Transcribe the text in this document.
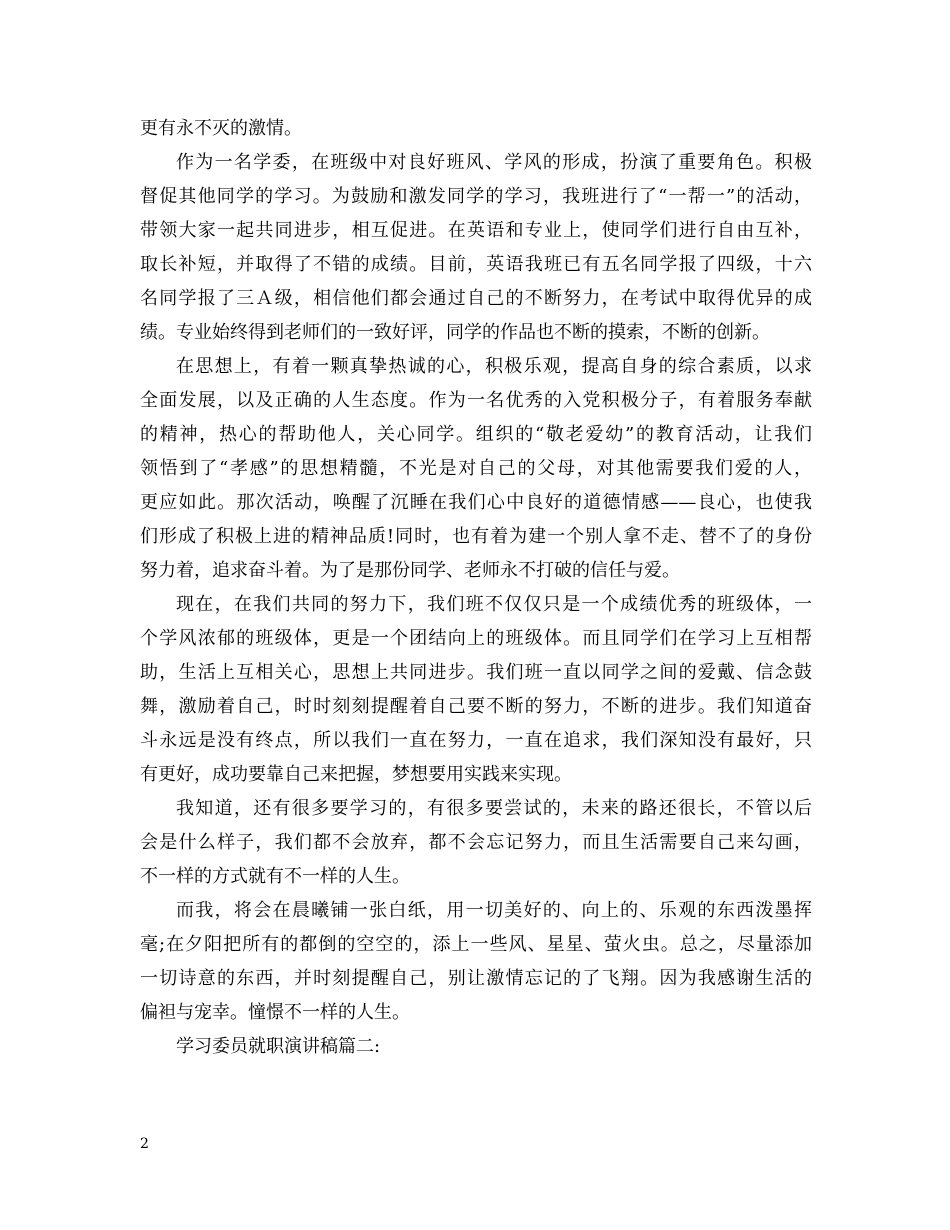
更有永不灭的激情。
作为一名学委，在班级中对良好班风、学风的形成，扮演了重要角色。积极
督促其他同学的学习。为鼓励和激发同学的学习，我班进行了“一帮一”的活动，
带领大家一起共同进步，相互促进。在英语和专业上，使同学们进行自由互补，
取长补短，并取得了不错的成绩。目前，英语我班已有五名同学报了四级，十六
名同学报了三Ａ级，相信他们都会通过自己的不断努力，在考试中取得优异的成
绩。专业始终得到老师们的一致好评，同学的作品也不断的摸索，不断的创新。
在思想上，有着一颗真挚热诚的心，积极乐观，提高自身的综合素质，以求
全面发展，以及正确的人生态度。作为一名优秀的入党积极分子，有着服务奉献
的精神，热心的帮助他人，关心同学。组织的“敬老爱幼”的教育活动，让我们
领悟到了“孝感”的思想精髓，不光是对自己的父母，对其他需要我们爱的人，
更应如此。那次活动，唤醒了沉睡在我们心中良好的道德情感——良心，也使我
们形成了积极上进的精神品质!同时，也有着为建一个别人拿不走、替不了的身份
努力着，追求奋斗着。为了是那份同学、老师永不打破的信任与爱。
现在，在我们共同的努力下，我们班不仅仅只是一个成绩优秀的班级体，一
个学风浓郁的班级体，更是一个团结向上的班级体。而且同学们在学习上互相帮
助，生活上互相关心，思想上共同进步。我们班一直以同学之间的爱戴、信念鼓
舞，激励着自己，时时刻刻提醒着自己要不断的努力，不断的进步。我们知道奋
斗永远是没有终点，所以我们一直在努力，一直在追求，我们深知没有最好，只
有更好，成功要靠自己来把握，梦想要用实践来实现。
我知道，还有很多要学习的，有很多要尝试的，未来的路还很长，不管以后
会是什么样子，我们都不会放弃，都不会忘记努力，而且生活需要自己来勾画，
不一样的方式就有不一样的人生。
而我，将会在晨曦铺一张白纸，用一切美好的、向上的、乐观的东西泼墨挥
毫;在夕阳把所有的都倒的空空的，添上一些风、星星、萤火虫。总之，尽量添加
一切诗意的东西，并时刻提醒自己，别让激情忘记的了飞翔。因为我感谢生活的
偏袒与宠幸。憧憬不一样的人生。
学习委员就职演讲稿篇二:
2
